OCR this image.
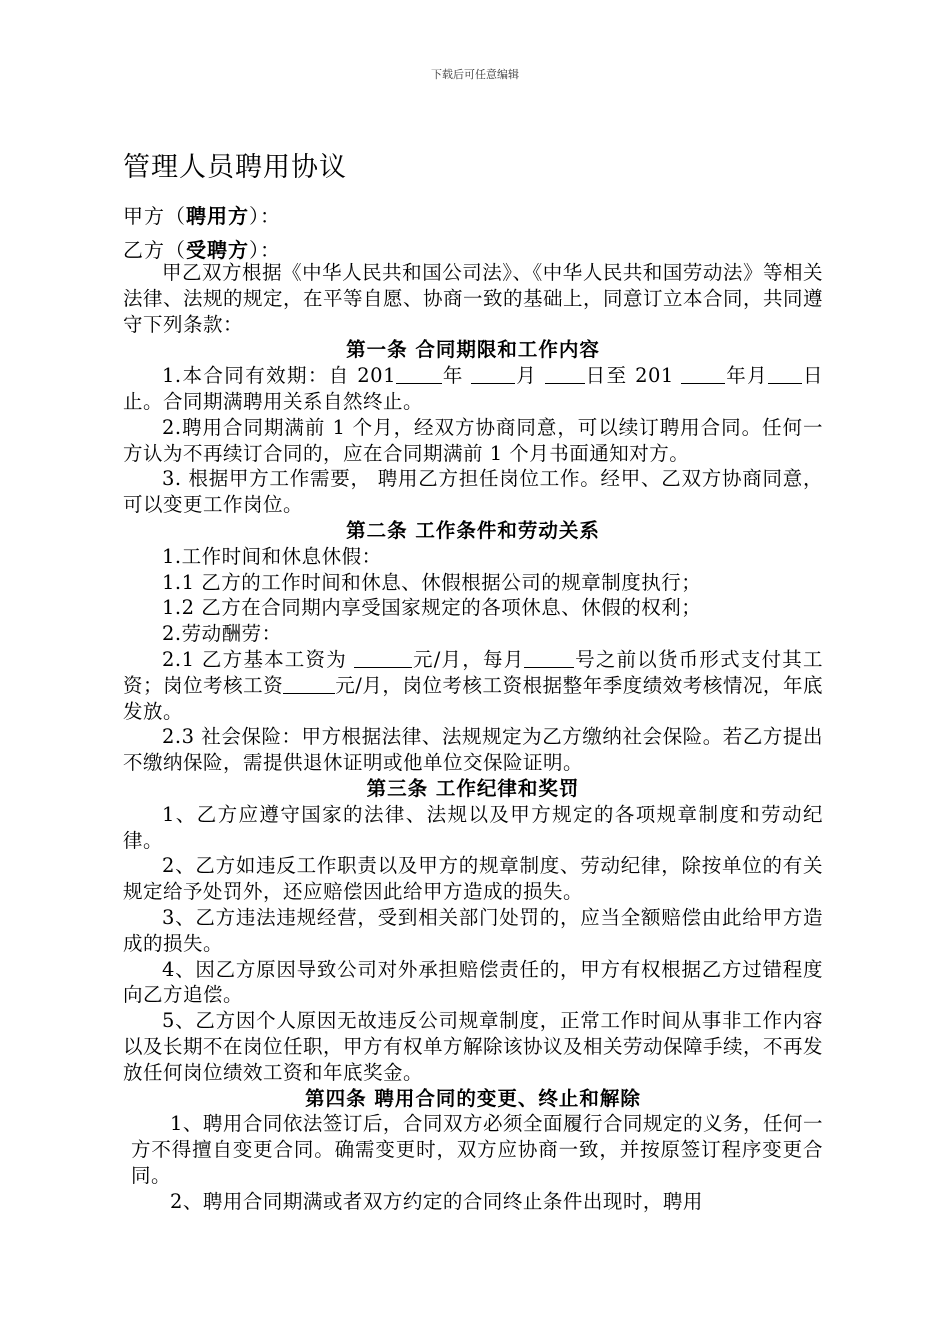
下载后可任意编辑
管理人员聘用协议
甲方（聘用方）：
乙方（受聘方）：

甲乙双方根据《中华人民共和国公司法》、《中华人民共和国劳动法》等相关法律、法规的规定，在平等自愿、协商一致的基础上，同意订立本合同，共同遵守下列条款：

第一条 合同期限和工作内容

1.本合同有效期：自 201 年 月 日至 201 年月 日止。合同期满聘用关系自然终止。

2.聘用合同期满前 1 个月，经双方协商同意，可以续订聘用合同。任何一方认为不再续订合同的，应在合同期满前 1 个月书面通知对方。

3. 根据甲方工作需要， 聘用乙方担任岗位工作。经甲、乙双方协商同意，可以变更工作岗位。

第二条 工作条件和劳动关系

1.工作时间和休息休假：

1.1 乙方的工作时间和休息、休假根据公司的规章制度执行；

1.2 乙方在合同期内享受国家规定的各项休息、休假的权利；

2.劳动酬劳：

2.1 乙方基本工资为	元/月，每月	号之前以货币形式支付其工资；岗位考核工资	元/月，岗位考核工资根据整年季度绩效考核情况，年底发放。

2.3 社会保险：甲方根据法律、法规规定为乙方缴纳社会保险。若乙方提出不缴纳保险，需提供退休证明或他单位交保险证明。

第三条 工作纪律和奖罚

1、乙方应遵守国家的法律、法规以及甲方规定的各项规章制度和劳动纪律。

2、乙方如违反工作职责以及甲方的规章制度、劳动纪律，除按单位的有关规定给予处罚外，还应赔偿因此给甲方造成的损失。

3、乙方违法违规经营，受到相关部门处罚的，应当全额赔偿由此给甲方造成的损失。

4、因乙方原因导致公司对外承担赔偿责任的，甲方有权根据乙方过错程度向乙方追偿。

5、乙方因个人原因无故违反公司规章制度，正常工作时间从事非工作内容以及长期不在岗位任职，甲方有权单方解除该协议及相关劳动保障手续，不再发放任何岗位绩效工资和年底奖金。

第四条 聘用合同的变更、终止和解除

1、聘用合同依法签订后，合同双方必须全面履行合同规定的义务，任何一方不得擅自变更合同。确需变更时，双方应协商一致，并按原签订程序变更合同。

2、聘用合同期满或者双方约定的合同终止条件出现时，聘用
